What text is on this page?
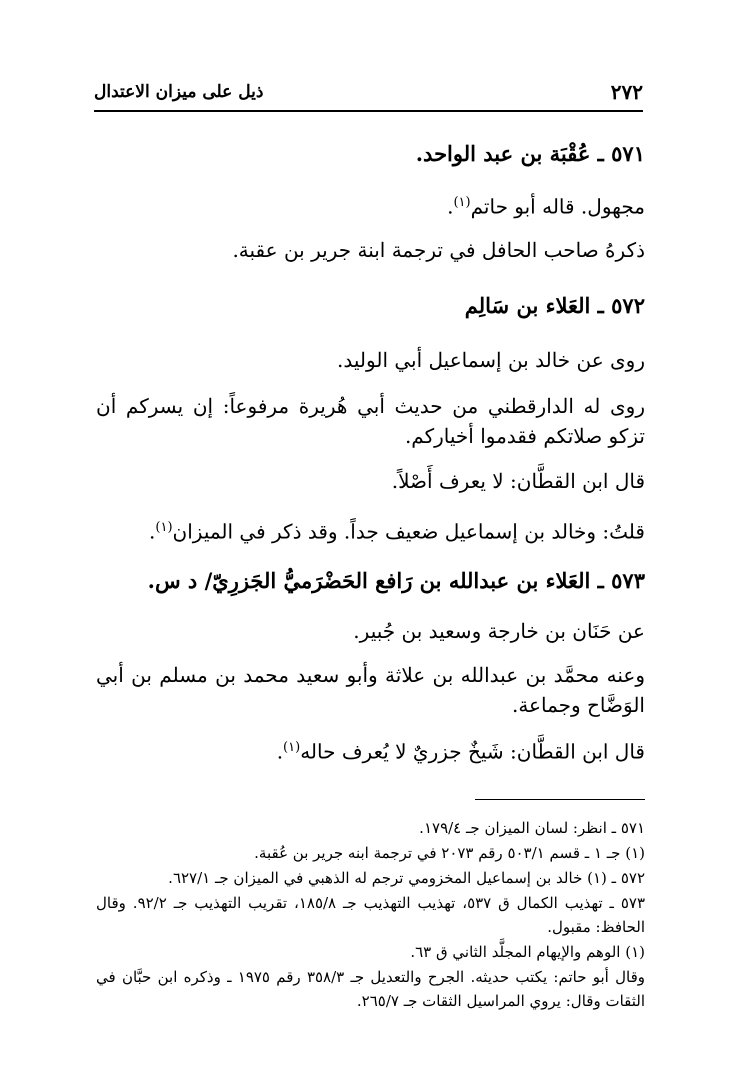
٢٧٢
ذيل على ميزان الاعتدال
٥٧١ ـ عُقْبَة بن عبد الواحد.
مجهول. قاله أبو حاتم$^{(١)}$.
ذكرهُ صاحب الحافل في ترجمة ابنة جرير بن عقبة.
٥٧٢ ـ العَلاء بن سَالِم
روى عن خالد بن إسماعيل أبي الوليد.
روى له الدارقطني من حديث أبي هُريرة مرفوعاً: إن يسركم أن تزكو صلاتكم فقدموا أخياركم.
قال ابن القطَّان: لا يعرف أَصْلاً.
قلتُ: وخالد بن إسماعيل ضعيف جداً. وقد ذكر في الميزان$^{(١)}$.
٥٧٣ ـ العَلاء بن عبدالله بن رَافع الحَضْرَميُّ الجَزرِيّ/ د س.
عن حَنَان بن خارجة وسعيد بن جُبير.
وعنه محمَّد بن عبدالله بن علاثة وأبو سعيد محمد بن مسلم بن أبي الوَضَّاح وجماعة.
قال ابن القطَّان: شَيخٌ جزريٌ لا يُعرف حاله$^{(١)}$.
٥٧١ ـ انظر: لسان الميزان جـ ١٧٩/٤.
(١) جـ ١ ـ قسم ٥٠٣/١ رقم ٢٠٧٣ في ترجمة ابنه جرير بن عُقبة.
٥٧٢ ـ (١) خالد بن إسماعيل المخزومي ترجم له الذهبي في الميزان جـ ٦٢٧/١.
٥٧٣ ـ تهذيب الكمال ق ٥٣٧، تهذيب التهذيب جـ ١٨٥/٨، تقريب التهذيب جـ ٩٢/٢. وقال الحافظ: مقبول.
(١) الوهم والإيهام المجلَّد الثاني ق ٦٣.
وقال أبو حاتم: يكتب حديثه. الجرح والتعديل جـ ٣٥٨/٣ رقم ١٩٧٥ ـ وذكره ابن حبَّان في الثقات وقال: يروي المراسيل الثقات جـ ٢٦٥/٧.
